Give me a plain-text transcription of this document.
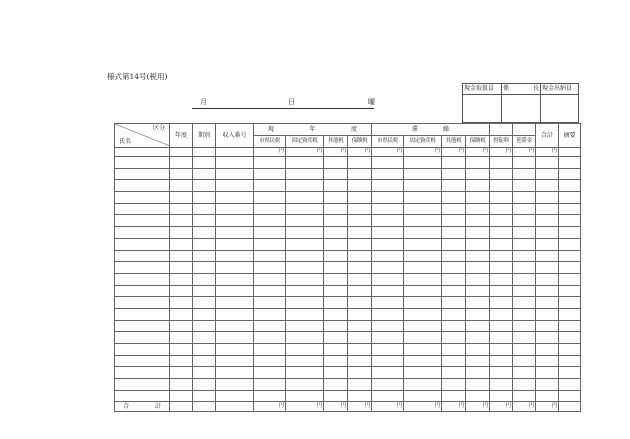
様式第14号(税用)
現金取扱員	係 長	現金出納員

月	日	曜
区分
氏名	年度	期別	収入番号	現 年 度				滞 繰						合計	摘要
				市県民税	固定資産税	其他税	保険税	市県民税	固定資産税	其他税	保険税	督促料	延滞金		
				円	円	円	円	円	円	円	円	円	円	円	

合 計				円	円	円	円	円	円	円	円	円	円	円	
